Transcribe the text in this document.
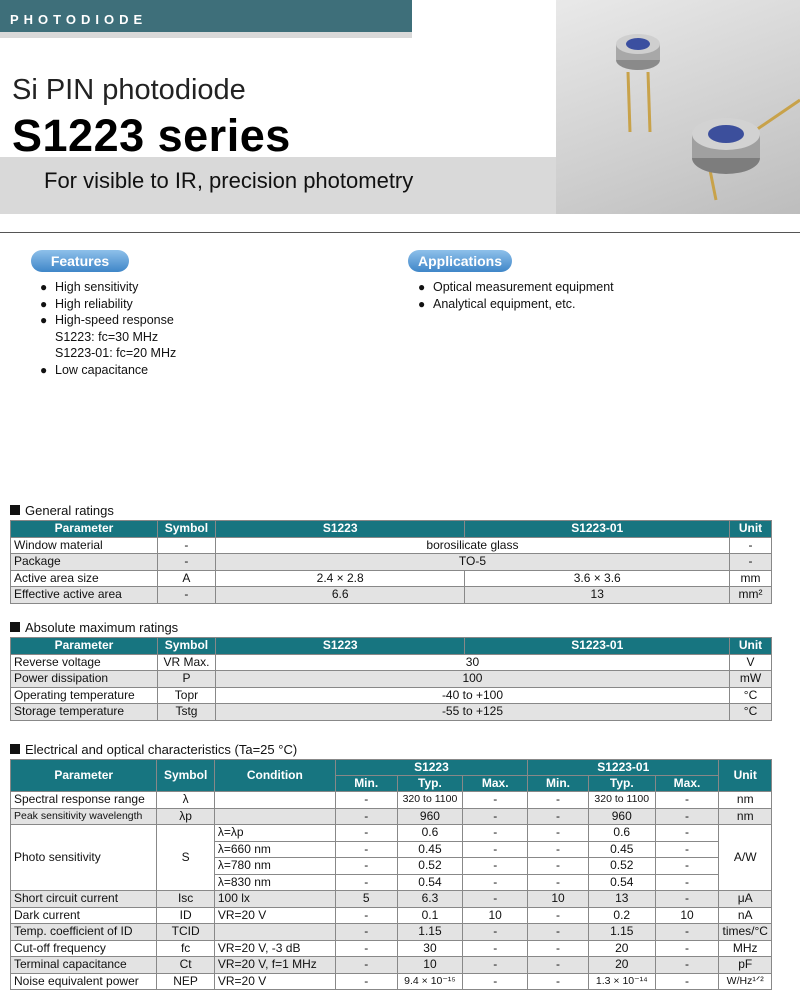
PHOTODIODE
Si PIN photodiode
S1223 series
For visible to IR, precision photometry
Features
● High sensitivity
● High reliability
● High-speed response
S1223: fc=30 MHz
S1223-01: fc=20 MHz
● Low capacitance
Applications
● Optical measurement equipment
● Analytical equipment, etc.
General ratings
Parameter	Symbol	S1223	S1223-01	Unit
Window material	-	borosilicate glass		-
Package	-	TO-5		-
Active area size	A	2.4 × 2.8	3.6 × 3.6	mm
Effective active area	-	6.6	13	mm²
Absolute maximum ratings
Parameter	Symbol	S1223	S1223-01	Unit
Reverse voltage	VR Max.	30		V
Power dissipation	P	100		mW
Operating temperature	Topr	-40 to +100		°C
Storage temperature	Tstg	-55 to +125		°C
Electrical and optical characteristics (Ta=25 °C)
Parameter	Symbol	Condition	S1223			S1223-01			Unit
			Min.	Typ.	Max.	Min.	Typ.	Max.	
Spectral response range	λ		-	320 to 1100	-	-	320 to 1100	-	nm
Peak sensitivity wavelength	λp		-	960	-	-	960	-	nm
Photo sensitivity	S	λ=λp	-	0.6	-	-	0.6	-	A/W
		λ=660 nm	-	0.45	-	-	0.45	-	
		λ=780 nm	-	0.52	-	-	0.52	-	
		λ=830 nm	-	0.54	-	-	0.54	-	
Short circuit current	Isc	100 lx	5	6.3	-	10	13	-	μA
Dark current	ID	VR=20 V	-	0.1	10	-	0.2	10	nA
Temp. coefficient of ID	TCID		-	1.15	-	-	1.15	-	times/°C
Cut-off frequency	fc	VR=20 V, -3 dB	-	30	-	-	20	-	MHz
Terminal capacitance	Ct	VR=20 V, f=1 MHz	-	10	-	-	20	-	pF
Noise equivalent power	NEP	VR=20 V	-	9.4 × 10⁻¹⁵	-	-	1.3 × 10⁻¹⁴	-	W/Hz¹ᐟ²
